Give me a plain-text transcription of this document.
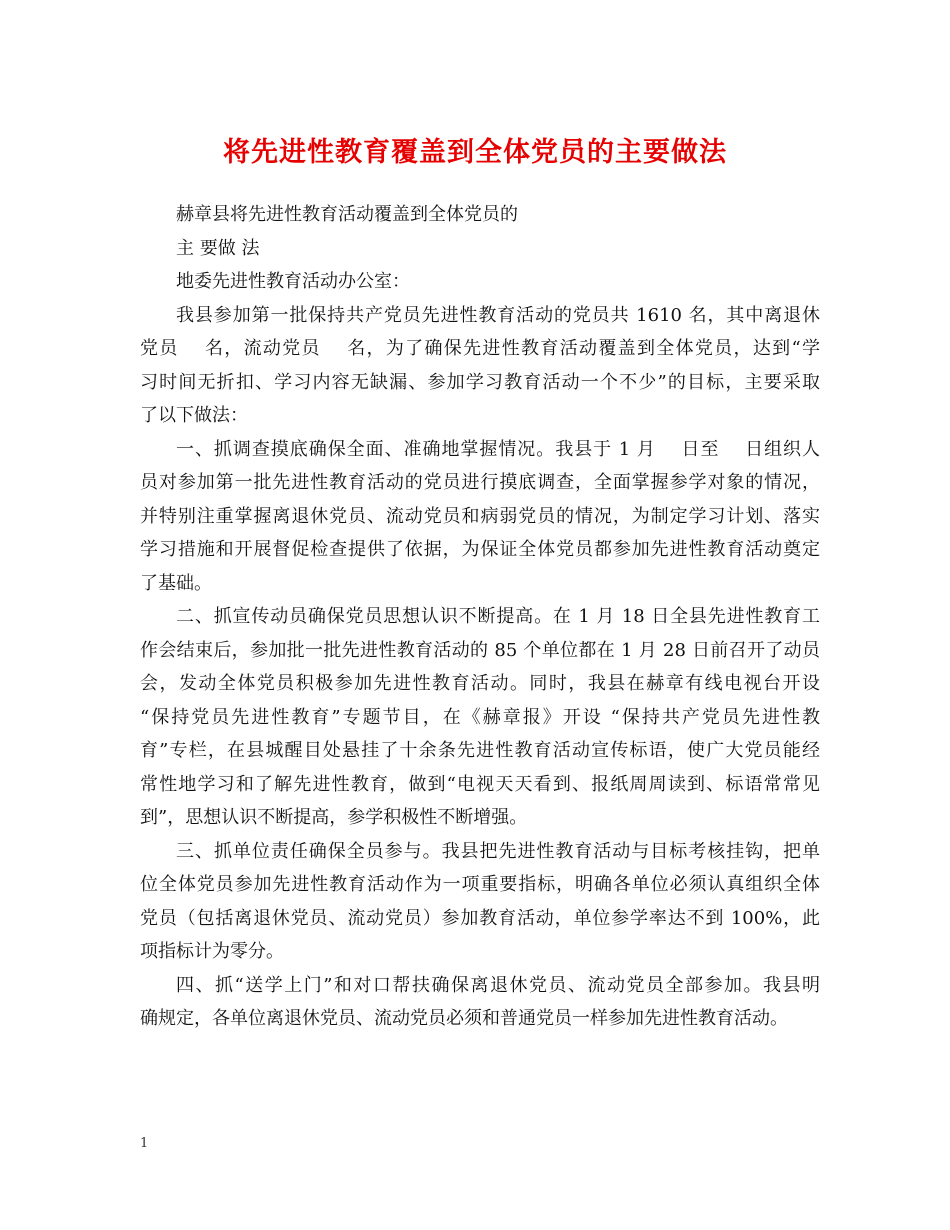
将先进性教育覆盖到全体党员的主要做法
赫章县将先进性教育活动覆盖到全体党员的
主 要做 法
地委先进性教育活动办公室：
我县参加第一批保持共产党员先进性教育活动的党员共 1610 名，其中离退休
党员　 名，流动党员　 名，为了确保先进性教育活动覆盖到全体党员，达到“学
习时间无折扣、学习内容无缺漏、参加学习教育活动一个不少”的目标，主要采取
了以下做法：
一、抓调查摸底确保全面、准确地掌握情况。我县于 1 月　 日至　 日组织人
员对参加第一批先进性教育活动的党员进行摸底调查，全面掌握参学对象的情况，
并特别注重掌握离退休党员、流动党员和病弱党员的情况，为制定学习计划、落实
学习措施和开展督促检查提供了依据，为保证全体党员都参加先进性教育活动奠定
了基础。
二、抓宣传动员确保党员思想认识不断提高。在 1 月 18 日全县先进性教育工
作会结束后，参加批一批先进性教育活动的 85 个单位都在 1 月 28 日前召开了动员
会，发动全体党员积极参加先进性教育活动。同时，我县在赫章有线电视台开设
“保持党员先进性教育”专题节目，在《赫章报》开设 “保持共产党员先进性教
育”专栏，在县城醒目处悬挂了十余条先进性教育活动宣传标语，使广大党员能经
常性地学习和了解先进性教育，做到“电视天天看到、报纸周周读到、标语常常见
到”，思想认识不断提高，参学积极性不断增强。
三、抓单位责任确保全员参与。我县把先进性教育活动与目标考核挂钩，把单
位全体党员参加先进性教育活动作为一项重要指标，明确各单位必须认真组织全体
党员（包括离退休党员、流动党员）参加教育活动，单位参学率达不到 100%，此
项指标计为零分。
四、抓“送学上门”和对口帮扶确保离退休党员、流动党员全部参加。我县明
确规定，各单位离退休党员、流动党员必须和普通党员一样参加先进性教育活动。
1
